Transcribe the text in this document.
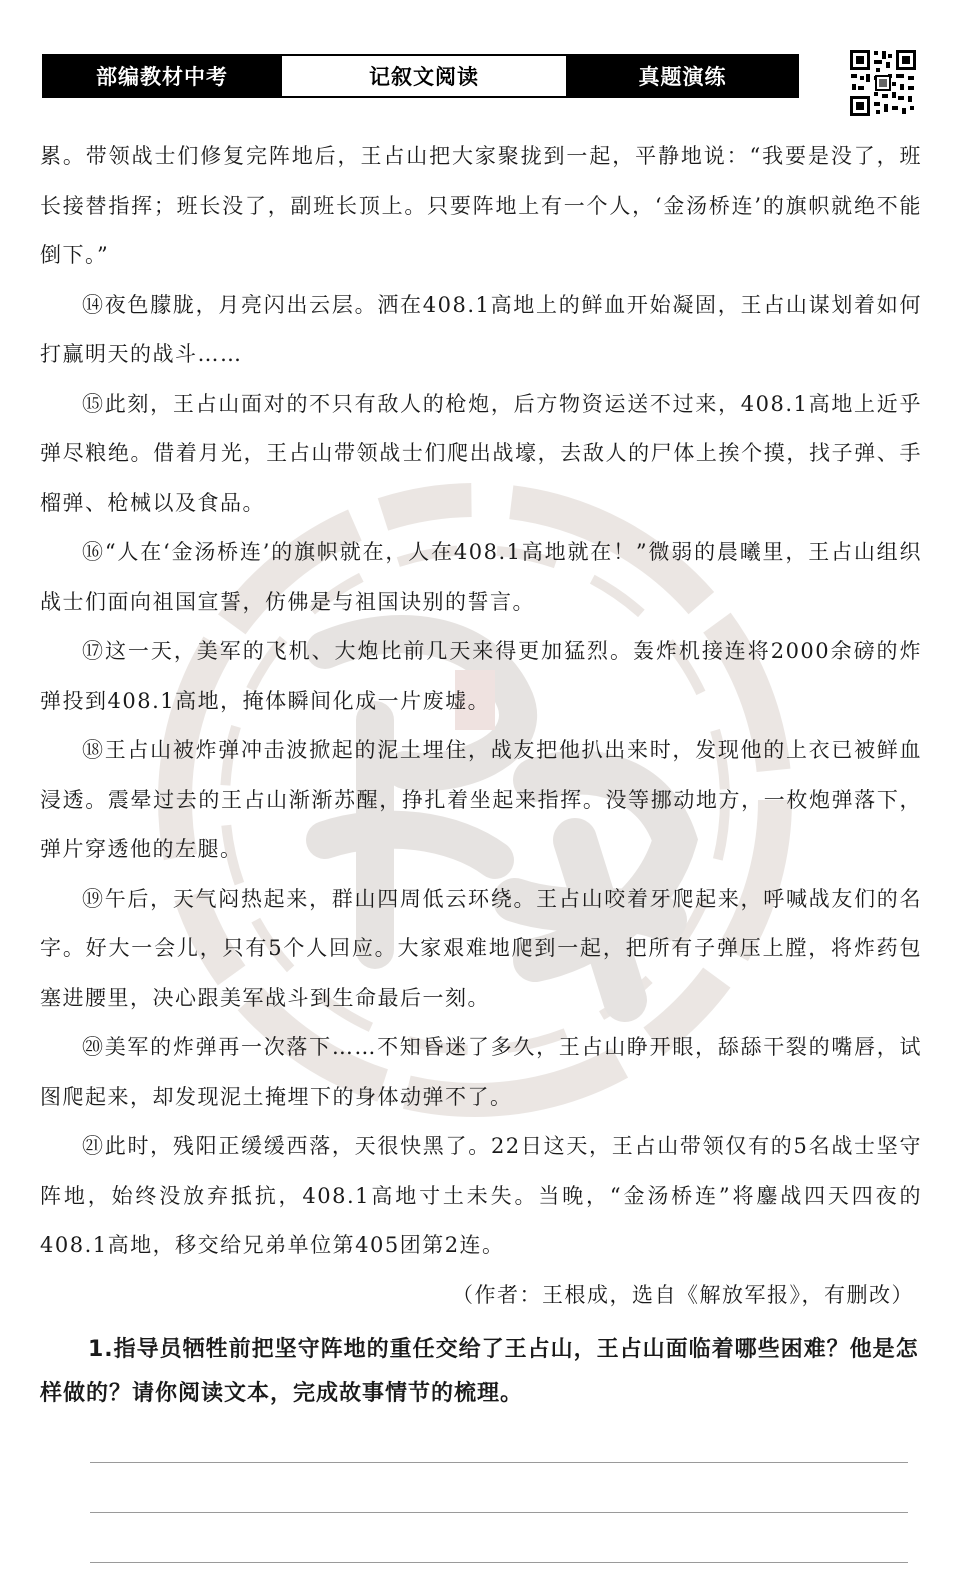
部编教材中考	记叙文阅读	真题演练

累。带领战士们修复完阵地后，王占山把大家聚拢到一起，平静地说：“我要是没了，班长接替指挥；班长没了，副班长顶上。只要阵地上有一个人，‘金汤桥连’的旗帜就绝不能倒下。”

⑭夜色朦胧，月亮闪出云层。洒在408.1高地上的鲜血开始凝固，王占山谋划着如何打赢明天的战斗……

⑮此刻，王占山面对的不只有敌人的枪炮，后方物资运送不过来，408.1高地上近乎弹尽粮绝。借着月光，王占山带领战士们爬出战壕，去敌人的尸体上挨个摸，找子弹、手榴弹、枪械以及食品。

⑯“人在‘金汤桥连’的旗帜就在，人在408.1高地就在！”微弱的晨曦里，王占山组织战士们面向祖国宣誓，仿佛是与祖国诀别的誓言。

⑰这一天，美军的飞机、大炮比前几天来得更加猛烈。轰炸机接连将2000余磅的炸弹投到408.1高地，掩体瞬间化成一片废墟。

⑱王占山被炸弹冲击波掀起的泥土埋住，战友把他扒出来时，发现他的上衣已被鲜血浸透。震晕过去的王占山渐渐苏醒，挣扎着坐起来指挥。没等挪动地方，一枚炮弹落下，弹片穿透他的左腿。

⑲午后，天气闷热起来，群山四周低云环绕。王占山咬着牙爬起来，呼喊战友们的名字。好大一会儿，只有5个人回应。大家艰难地爬到一起，把所有子弹压上膛，将炸药包塞进腰里，决心跟美军战斗到生命最后一刻。

⑳美军的炸弹再一次落下……不知昏迷了多久，王占山睁开眼，舔舔干裂的嘴唇，试图爬起来，却发现泥土掩埋下的身体动弹不了。

㉑此时，残阳正缓缓西落，天很快黑了。22日这天，王占山带领仅有的5名战士坚守阵地，始终没放弃抵抗，408.1高地寸土未失。当晚，“金汤桥连”将鏖战四天四夜的408.1高地，移交给兄弟单位第405团第2连。

（作者：王根成，选自《解放军报》，有删改）

1.指导员牺牲前把坚守阵地的重任交给了王占山，王占山面临着哪些困难？他是怎样做的？请你阅读文本，完成故事情节的梳理。
